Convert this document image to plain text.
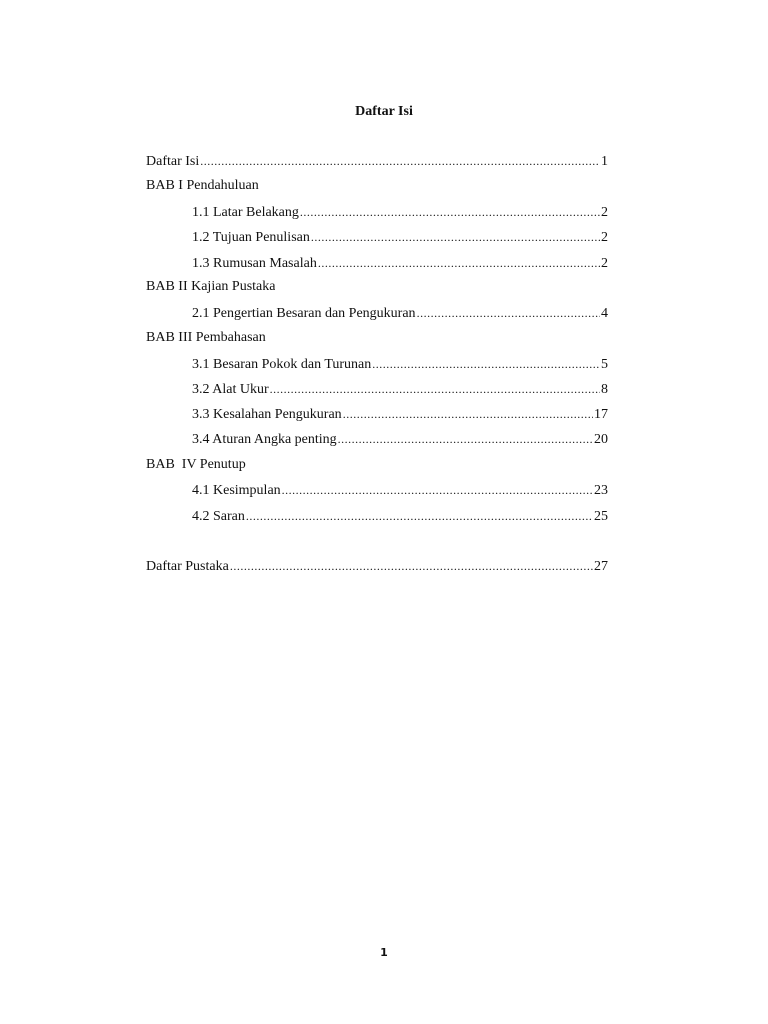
Daftar Isi
Daftar Isi .....	1
BAB I Pendahuluan
1.1 Latar Belakang .....	2
1.2 Tujuan Penulisan .....	2
1.3 Rumusan Masalah .....	2
BAB II Kajian Pustaka
2.1 Pengertian Besaran dan Pengukuran .....	4
BAB III Pembahasan
3.1 Besaran Pokok dan Turunan .....	5
3.2 Alat Ukur .....	8
3.3 Kesalahan Pengukuran .....	17
3.4 Aturan Angka penting .....	20
BAB  IV Penutup
4.1 Kesimpulan .....	23
4.2 Saran .....	25
Daftar Pustaka .....	27
1
